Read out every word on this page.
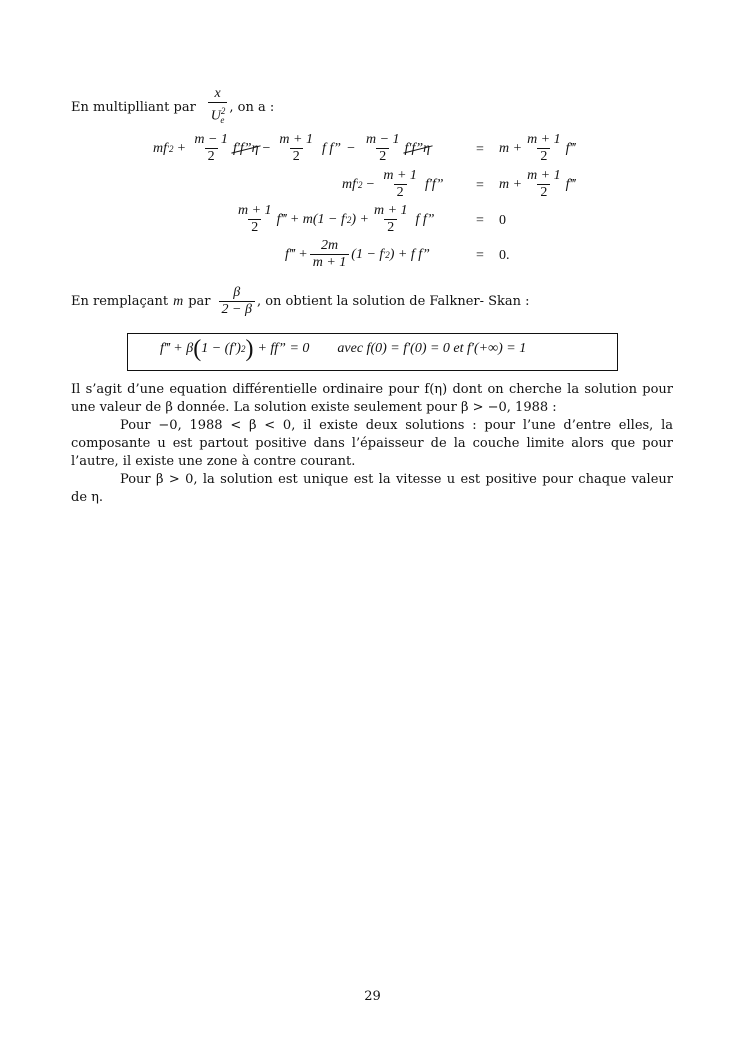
En multiplliant par $\frac{x}{U^2_e}$ , on a :
mf $'2 + \frac{m - 1}{2}$ f′f”η − $\frac{m + 1}{2}$ f f” − $\frac{m - 1}{2}$ f′f”η	= $m + \frac{m + 1}{2}$ f‴
mf $'2 - \frac{m + 1}{2} f'f$” = $m + \frac{m + 1}{2}$ f‴
$\frac{m + 1}{2}$ f‴ + m(1 − f ′2 ) + $\frac{m + 1}{2}$ f f”	= 0
f‴ + $\frac{2m}{m + 1} (1 - f$ ′2 ) + f f”	= 0.
En remplaçant m par $\frac{\beta}{2 - \beta}$ , on obtient la solution de Falkner- Skan :
f‴ + β ( 1 − (f′) 2 ) + ff” = 0 avec f(0) = f′(0) = 0 et f′(+∞) = 1
Il s’agit d’une equation différentielle ordinaire pour f(η) dont on cherche la solution pour une valeur de β donnée. La solution existe seulement pour β > −0, 1988 :
Pour −0, 1988 < β < 0, il existe deux solutions : pour l’une d’entre elles, la composante u est partout positive dans l’épaisseur de la couche limite alors que pour l’autre, il existe une zone à contre courant.
Pour β > 0, la solution est unique est la vitesse u est positive pour chaque valeur de η.
29
